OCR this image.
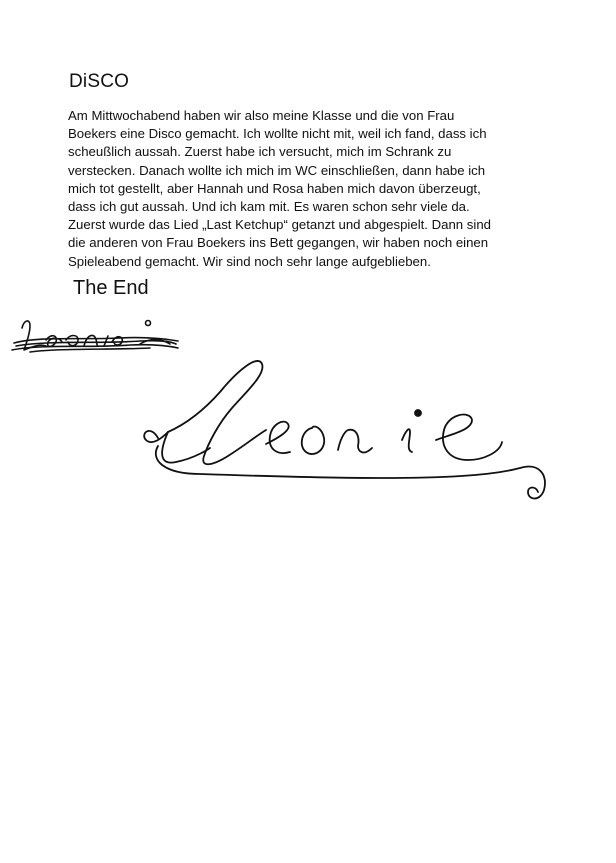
DiSCO

Am Mittwochabend haben wir also meine Klasse und die von Frau
Boekers eine Disco gemacht. Ich wollte nicht mit, weil ich fand, dass ich
scheußlich aussah. Zuerst habe ich versucht, mich im Schrank zu
verstecken. Danach wollte ich mich im WC einschließen, dann habe ich
mich tot gestellt, aber Hannah und Rosa haben mich davon überzeugt,
dass ich gut aussah. Und ich kam mit. Es waren schon sehr viele da.
Zuerst wurde das Lied „Last Ketchup“ getanzt und abgespielt. Dann sind
die anderen von Frau Boekers ins Bett gegangen, wir haben noch einen
Spieleabend gemacht. Wir sind noch sehr lange aufgeblieben.

The End
